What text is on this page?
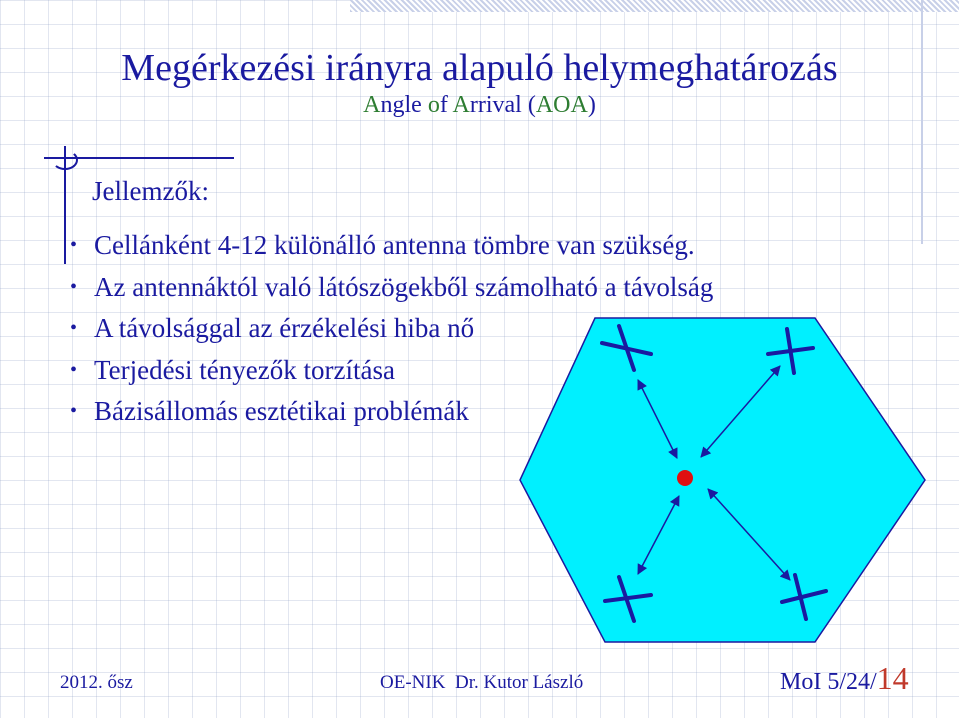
Megérkezési irányra alapuló helymeghatározás
Angle of Arrival (AOA)
Jellemzők:
• Cellánként 4-12 különálló antenna tömbre van szükség.
• Az antennáktól való látószögekből számolható a távolság
• A távolsággal az érzékelési hiba nő
• Terjedési tényezők torzítása
• Bázisállomás esztétikai problémák
2012. ősz	OE-NIK Dr. Kutor László	MoI 5/24/14
